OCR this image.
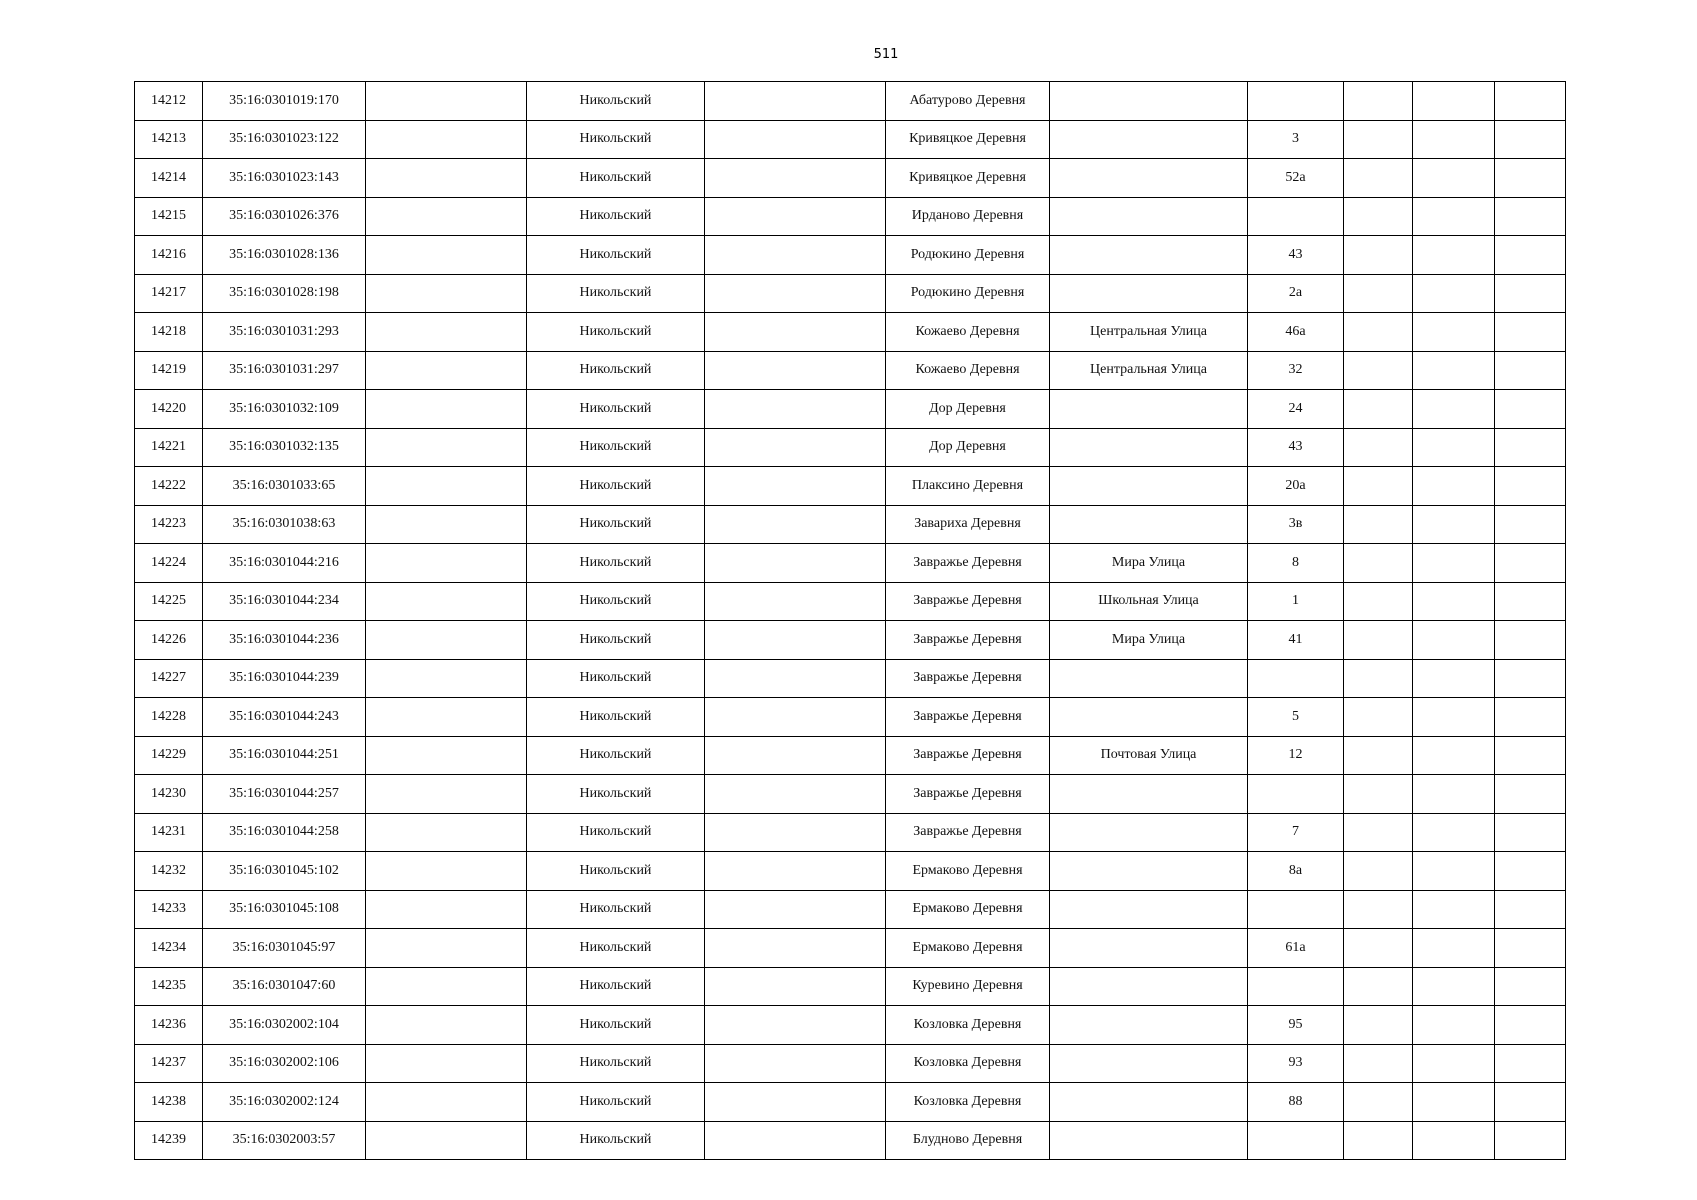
511
14212	35:16:0301019:170		Никольский		Абатурово Деревня					
14213	35:16:0301023:122		Никольский		Кривяцкое Деревня		3			
14214	35:16:0301023:143		Никольский		Кривяцкое Деревня		52а			
14215	35:16:0301026:376		Никольский		Ирданово Деревня					
14216	35:16:0301028:136		Никольский		Родюкино Деревня		43			
14217	35:16:0301028:198		Никольский		Родюкино Деревня		2а			
14218	35:16:0301031:293		Никольский		Кожаево Деревня	Центральная Улица	46а			
14219	35:16:0301031:297		Никольский		Кожаево Деревня	Центральная Улица	32			
14220	35:16:0301032:109		Никольский		Дор Деревня		24			
14221	35:16:0301032:135		Никольский		Дор Деревня		43			
14222	35:16:0301033:65		Никольский		Плаксино Деревня		20а			
14223	35:16:0301038:63		Никольский		Завариха Деревня		3в			
14224	35:16:0301044:216		Никольский		Завражье Деревня	Мира Улица	8			
14225	35:16:0301044:234		Никольский		Завражье Деревня	Школьная Улица	1			
14226	35:16:0301044:236		Никольский		Завражье Деревня	Мира Улица	41			
14227	35:16:0301044:239		Никольский		Завражье Деревня					
14228	35:16:0301044:243		Никольский		Завражье Деревня		5			
14229	35:16:0301044:251		Никольский		Завражье Деревня	Почтовая Улица	12			
14230	35:16:0301044:257		Никольский		Завражье Деревня					
14231	35:16:0301044:258		Никольский		Завражье Деревня		7			
14232	35:16:0301045:102		Никольский		Ермаково Деревня		8а			
14233	35:16:0301045:108		Никольский		Ермаково Деревня					
14234	35:16:0301045:97		Никольский		Ермаково Деревня		61а			
14235	35:16:0301047:60		Никольский		Куревино Деревня					
14236	35:16:0302002:104		Никольский		Козловка Деревня		95			
14237	35:16:0302002:106		Никольский		Козловка Деревня		93			
14238	35:16:0302002:124		Никольский		Козловка Деревня		88			
14239	35:16:0302003:57		Никольский		Блудново Деревня					
